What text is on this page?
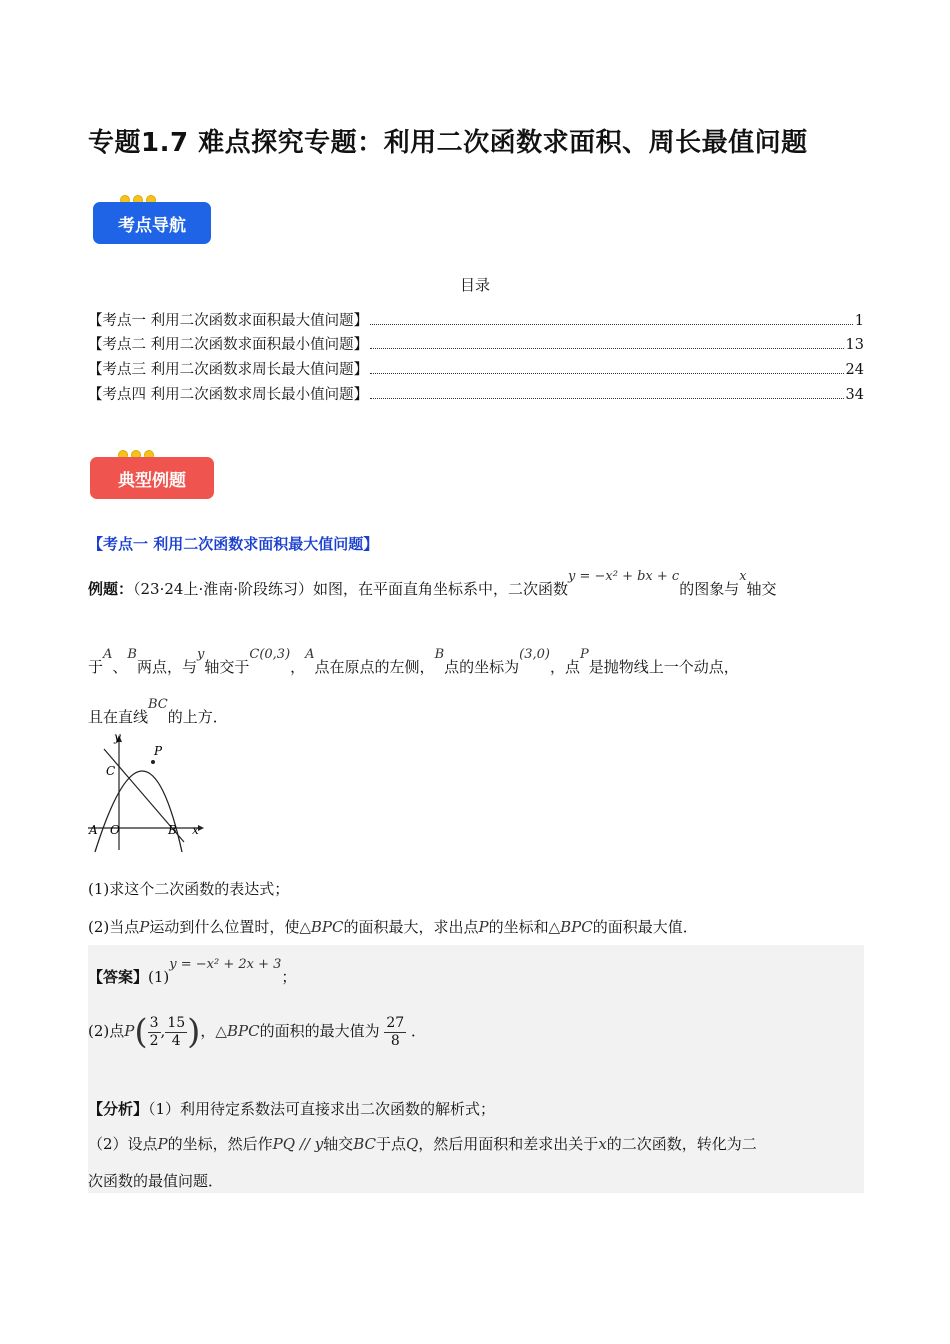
专题1.7 难点探究专题：利用二次函数求面积、周长最值问题
考点导航
目录
【考点一 利用二次函数求面积最大值问题】	1
【考点二 利用二次函数求面积最小值问题】	13
【考点三 利用二次函数求周长最大值问题】	24
【考点四 利用二次函数求周长最小值问题】	34
典型例题
【考点一 利用二次函数求面积最大值问题】
例题：（23·24上·淮南·阶段练习）如图，在平面直角坐标系中，二次函数y = −x² + bx + c的图象与x轴交
于A、B两点，与y轴交于C(0,3)，A点在原点的左侧，B点的坐标为(3,0)，点P是抛物线上一个动点，
且在直线BC的上方．
y
P
C
A O	B x
(1)求这个二次函数的表达式；
(2)当点P运动到什么位置时，使△BPC的面积最大，求出点P的坐标和△BPC的面积最大值．
【答案】(1)y = −x² + 2x + 3；
(2)点$P( \frac{3}{2}$ , $\frac{15}{4}$ )，△BPC的面积的最大值为 $\frac{27}{8}$ ．
【分析】（1）利用待定系数法可直接求出二次函数的解析式；
（2）设点P的坐标，然后作PQ // y轴交BC于点Q，然后用面积和差求出关于x的二次函数，转化为二
次函数的最值问题．
